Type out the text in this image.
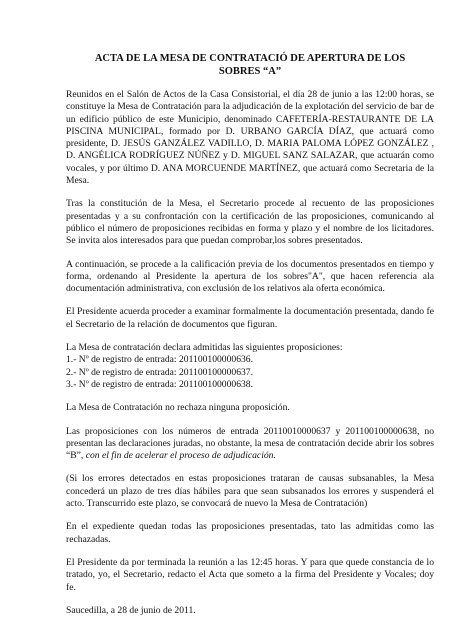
ACTA DE LA MESA DE CONTRATACIÓ DE APERTURA DE LOS SOBRES “A”

Reunidos en el Salón de Actos de la Casa Consistorial, el día 28 de junio a las 12:00 horas, se constituye la Mesa de Contratación para la adjudicación de la explotación del servicio de bar de un edificio público de este Municipio, denominado CAFETERÍA-RESTAURANTE DE LA PISCINA MUNICIPAL, formado por D. URBANO GARCÍA DÍAZ, que actuará como presidente, D. JESÚS GANZÁLEZ VADILLO, D. MARIA PALOMA LÓPEZ GONZÁLEZ , D. ANGÉLICA RODRÍGUEZ NÚÑEZ y D. MIGUEL SANZ SALAZAR, que actuarán como vocales, y por último D. ANA MORCUENDE MARTÍNEZ, que actuará como Secretaria de la Mesa.

Tras la constitución de la Mesa, el Secretario procede al recuento de las proposiciones presentadas y a su confrontación con la certificación de las proposiciones, comunicando al público el número de proposiciones recibidas en forma y plazo y el nombre de los licitadores. Se invita alos interesados para que puedan comprobar,los sobres presentados.

A continuación, se procede a la calificación previa de los documentos presentados en tiempo y forma, ordenando al Presidente la apertura de los sobres"A", que hacen referencia ala documentación administrativa, con exclusión de los relativos ala oferta económica.

El Presidente acuerda proceder a examinar formalmente la documentación presentada, dando fe el Secretario de la relación de documentos que figuran.

La Mesa de contratación declara admitidas las siguientes proposiciones:

1.- Nº de registro de entrada: 201100100000636.

2.- Nº de registro de entrada: 201100100000637.

3.- Nº de registro de entrada: 201100100000638.

La Mesa de Contratación no rechaza ninguna proposición.

Las proposiciones con los números de entrada 20110010000637 y 201100100000638, no presentan las declaraciones juradas, no obstante, la mesa de contratación decide abrir los sobres “B”, con el fin de acelerar el proceso de adjudicación.

(Si los errores detectados en estas proposiciones trataran de causas subsanables, la Mesa concederá un plazo de tres días hábiles para que sean subsanados los errores y suspenderá el acto. Transcurrido este plazo, se convocará de nuevo la Mesa de Contratación)

En el expediente quedan todas las proposiciones presentadas, tato las admitidas como las rechazadas.

El Presidente da por terminada la reunión a las 12:45 horas. Y para que quede constancia de lo tratado, yo, el Secretario, redacto el Acta que someto a la firma del Presidente y Vocales; doy fe.

Saucedilla, a 28 de junio de 2011.
